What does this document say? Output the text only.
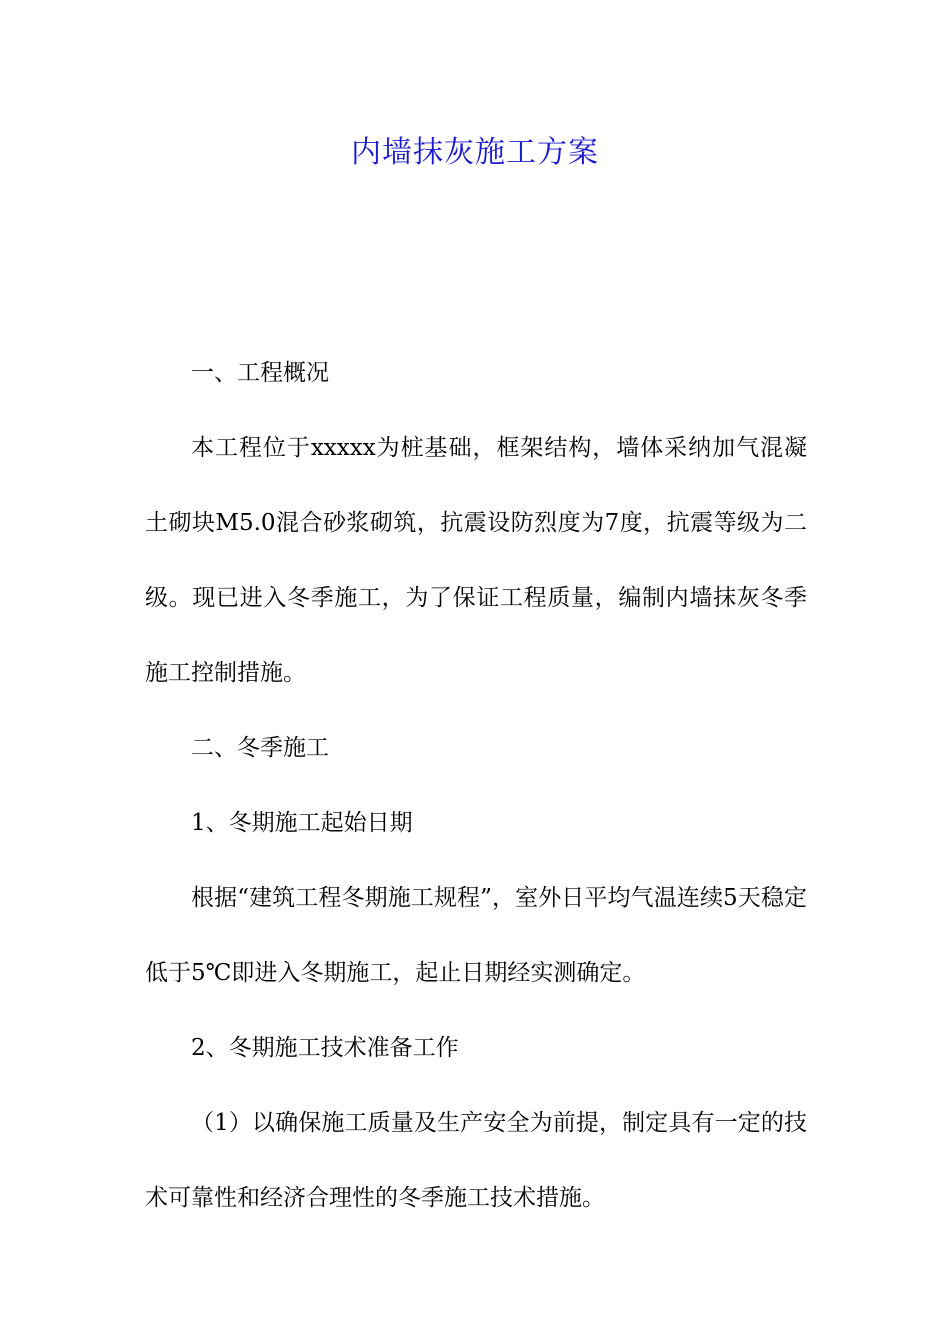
内墙抹灰施工方案

一、工程概况

本工程位于xxxxx为桩基础，框架结构，墙体采纳加气混凝土砌块M5.0混合砂浆砌筑，抗震设防烈度为7度，抗震等级为二级。现已进入冬季施工，为了保证工程质量，编制内墙抹灰冬季施工控制措施。

二、冬季施工

1、冬期施工起始日期

根据“建筑工程冬期施工规程”，室外日平均气温连续5天稳定低于5℃即进入冬期施工，起止日期经实测确定。

2、冬期施工技术准备工作

（1）以确保施工质量及生产安全为前提，制定具有一定的技术可靠性和经济合理性的冬季施工技术措施。
